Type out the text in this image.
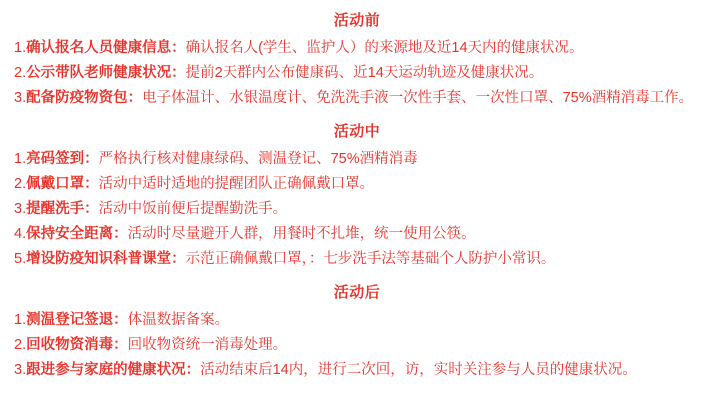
活动前

1.确认报名人员健康信息：确认报名人(学生、监护人）的来源地及近14天内的健康状况。

2.公示带队老师健康状况：提前2天群内公布健康码、近14天运动轨迹及健康状况。

3.配备防疫物资包：电子体温计、水银温度计、免洗洗手液一次性手套、一次性口罩、75%酒精消毒工作。

活动中

1.亮码签到：严格执行核对健康绿码、测温登记、75%酒精消毒

2.佩戴口罩：活动中适时适地的提醒团队正确佩戴口罩。

3.提醒洗手：活动中饭前便后提醒勤洗手。

4.保持安全距离：活动时尽量避开人群，用餐时不扎堆，统一使用公筷。

5.增设防疫知识科普课堂：示范正确佩戴口罩，：七步洗手法等基础个人防护小常识。

活动后

1.测温登记签退：体温数据备案。

2.回收物资消毒：回收物资统一消毒处理。

3.跟进参与家庭的健康状况：活动结束后14内，进行二次回，访，实时关注参与人员的健康状况。
